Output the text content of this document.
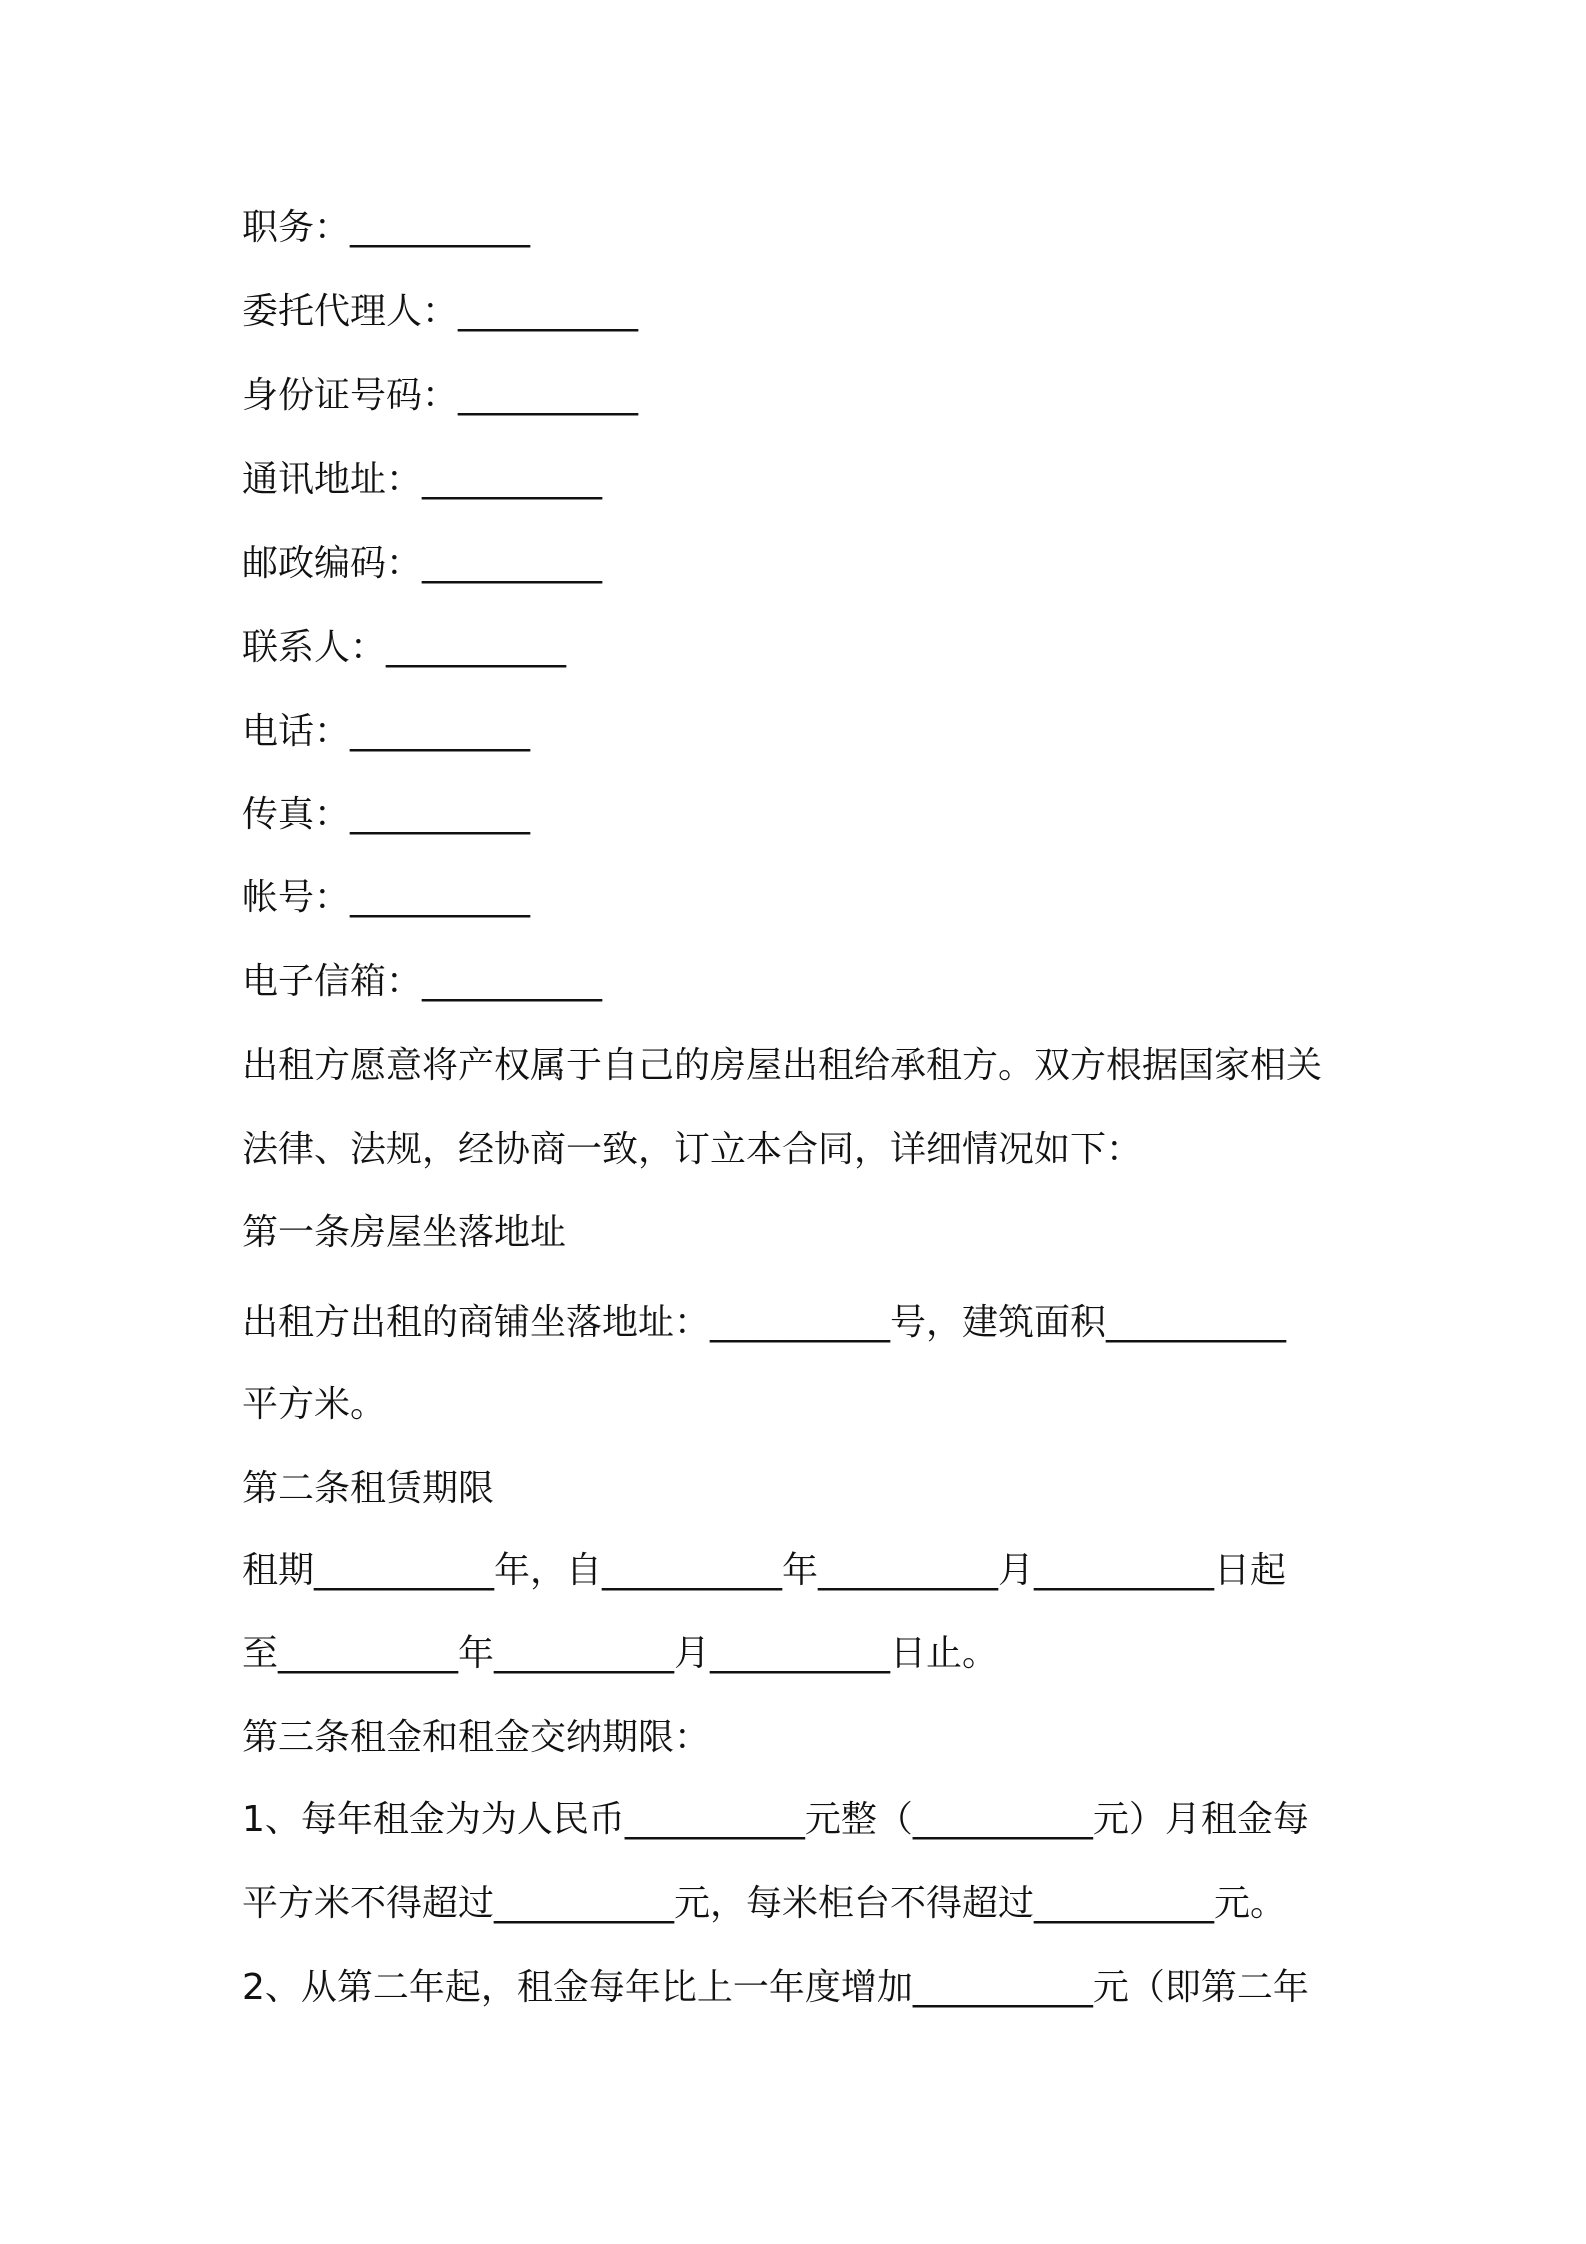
职务：__________
委托代理人：__________
身份证号码：__________
通讯地址：__________
邮政编码：__________
联系人：__________
电话：__________
传真：__________
帐号：__________
电子信箱：__________
出租方愿意将产权属于自己的房屋出租给承租方。双方根据国家相关
法律、法规，经协商一致，订立本合同，详细情况如下：
第一条房屋坐落地址
出租方出租的商铺坐落地址：__________号，建筑面积__________
平方米。
第二条租赁期限
租期__________年，自__________年__________月__________日起
至__________年__________月__________日止。
第三条租金和租金交纳期限：
1、每年租金为为人民币__________元整（__________元）月租金每
平方米不得超过__________元，每米柜台不得超过__________元。
2、从第二年起，租金每年比上一年度增加__________元（即第二年
